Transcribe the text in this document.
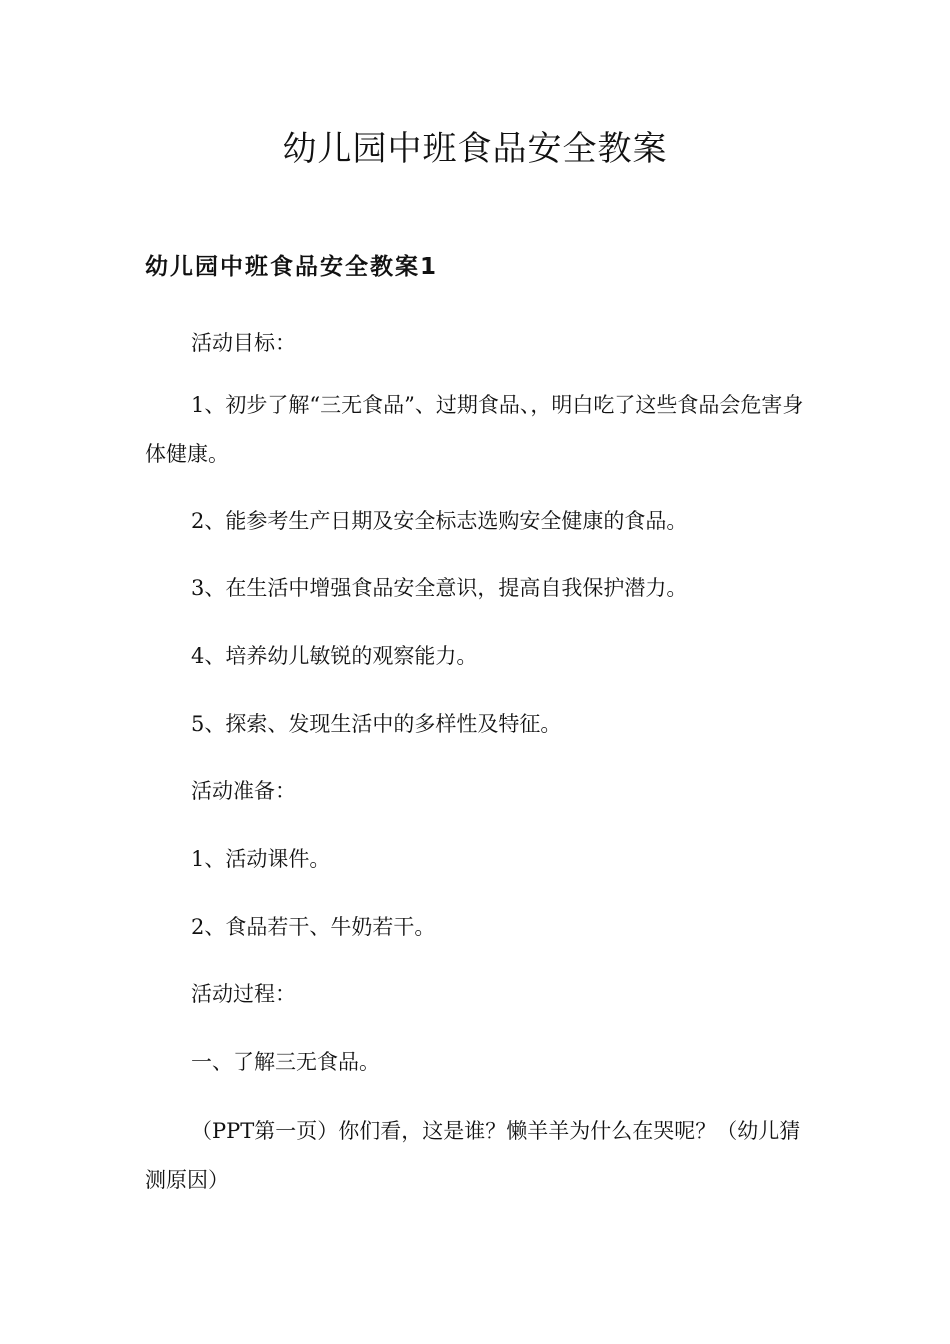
幼儿园中班食品安全教案
幼儿园中班食品安全教案1

活动目标：

1、初步了解“三无食品”、过期食品、，明白吃了这些食品会危害身体健康。

2、能参考生产日期及安全标志选购安全健康的食品。

3、在生活中增强食品安全意识，提高自我保护潜力。

4、培养幼儿敏锐的观察能力。

5、探索、发现生活中的多样性及特征。

活动准备：

1、活动课件。

2、食品若干、牛奶若干。

活动过程：

一、了解三无食品。

（PPT第一页）你们看，这是谁？懒羊羊为什么在哭呢？（幼儿猜测原因）
